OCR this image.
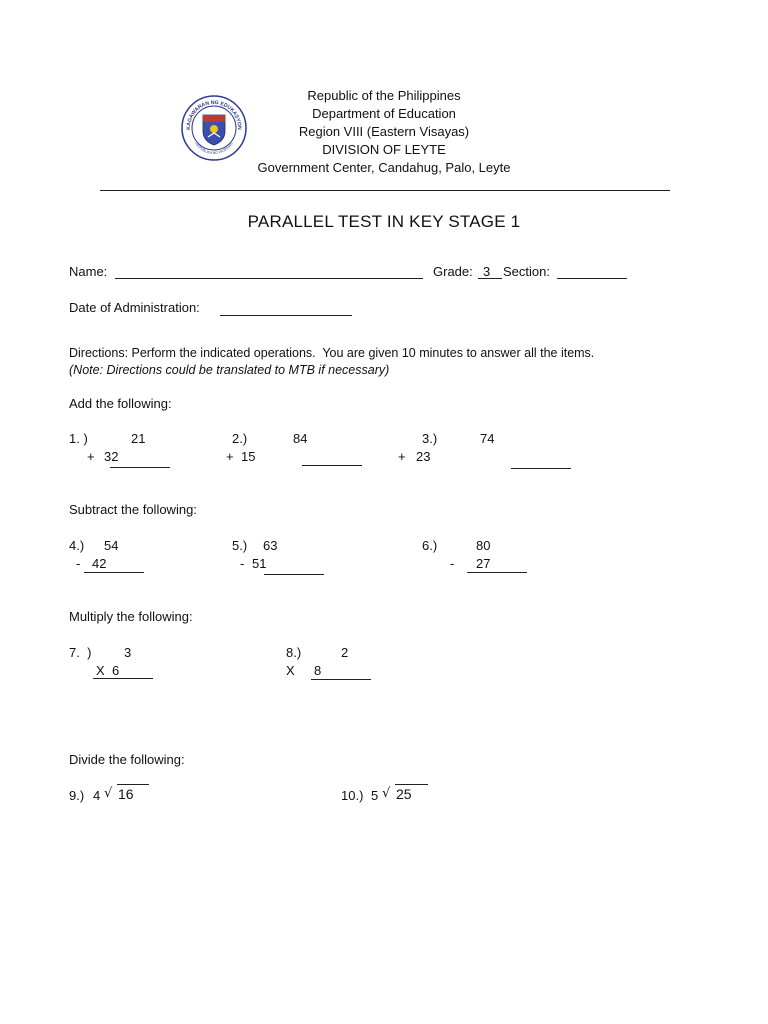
KAGAWARAN NG EDUKASYON
REPUBLIKA NG PILIPINAS
Republic of the Philippines
Department of Education
Region VIII (Eastern Visayas)
DIVISION OF LEYTE
Government Center, Candahug, Palo, Leyte
PARALLEL TEST IN KEY STAGE 1
Name:	Grade: 3 Section:
Date of Administration:
Directions: Perform the indicated operations.  You are given 10 minutes to answer all the items.
(Note: Directions could be translated to MTB if necessary)
Add the following:
1. )	21
+ 32
2.)	84
+ 15
3.)	74
+ 23
Subtract the following:
4.) 54
- 42
5.) 63
- 51
6.)	80
- 27
Multiply the following:
7.  )	3
X 6
8.)	2
X 8
Divide the following:
9.) 4 √ 16	10.) 5 √ 25
